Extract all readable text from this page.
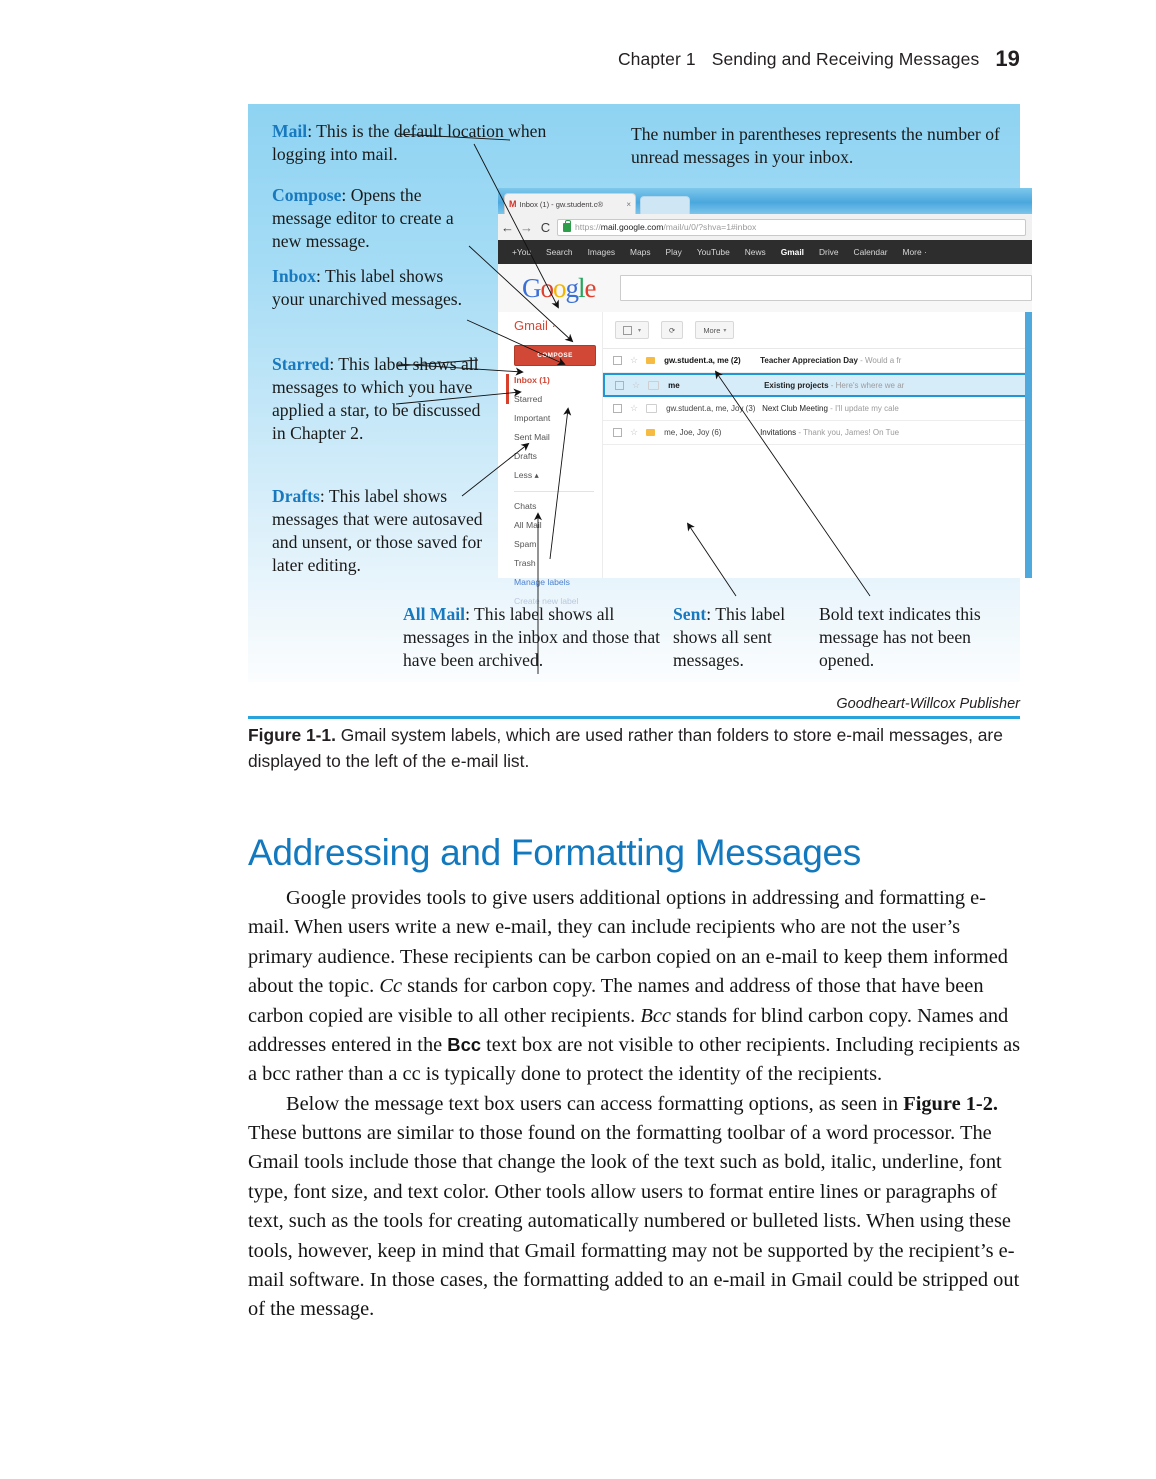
Chapter 1 Sending and Receiving Messages 19
M Inbox (1) - gw.student.c®	×
← → C	https://mail.google.com/mail/u/0/?shva=1#inbox
+You Search Images Maps Play YouTube News Gmail Drive Calendar More ·
Google
Gmail ·
COMPOSE
Inbox (1)
Starred
Important
Sent Mail
Drafts
Less ▴
Chats
All Mail
Spam
Trash
Manage labels
Create new label
▾	⟳	More ▾
☆	gw.student.a, me (2)	Teacher Appreciation Day - Would a fr
☆	me	Existing projects - Here's where we ar
☆	gw.student.a, me, Joy (3) Next Club Meeting - I'll update my cale
☆	me, Joe, Joy (6)	Invitations - Thank you, James! On Tue
Mail: This is the default location when logging into mail.
The number in parentheses represents the number of unread messages in your inbox.
Compose: Opens the message editor to create a new message.
Inbox: This label shows your unarchived messages.
Starred: This label shows all messages to which you have applied a star, to be discussed in Chapter 2.
Drafts: This label shows messages that were autosaved and unsent, or those saved for later editing.
All Mail: This label shows all messages in the inbox and those that have been archived.
Sent: This label shows all sent messages.
Bold text indicates this message has not been opened.
Goodheart-Willcox Publisher
Figure 1-1. Gmail system labels, which are used rather than folders to store e-mail messages, are displayed to the left of the e-mail list.
Addressing and Formatting Messages

Google provides tools to give users additional options in addressing and formatting e-mail. When users write a new e-mail, they can include recipients who are not the user’s primary audience. These recipients can be carbon copied on an e-mail to keep them informed about the topic. Cc stands for carbon copy. The names and address of those that have been carbon copied are visible to all other recipients. Bcc stands for blind carbon copy. Names and addresses entered in the Bcc text box are not visible to other recipients. Including recipients as a bcc rather than a cc is typically done to protect the identity of the recipients.

Below the message text box users can access formatting options, as seen in Figure 1-2. These buttons are similar to those found on the formatting toolbar of a word processor. The Gmail tools include those that change the look of the text such as bold, italic, underline, font type, font size, and text color. Other tools allow users to format entire lines or paragraphs of text, such as the tools for creating automatically numbered or bulleted lists. When using these tools, however, keep in mind that Gmail formatting may not be supported by the recipient’s e-mail software. In those cases, the formatting added to an e-mail in Gmail could be stripped out of the message.
